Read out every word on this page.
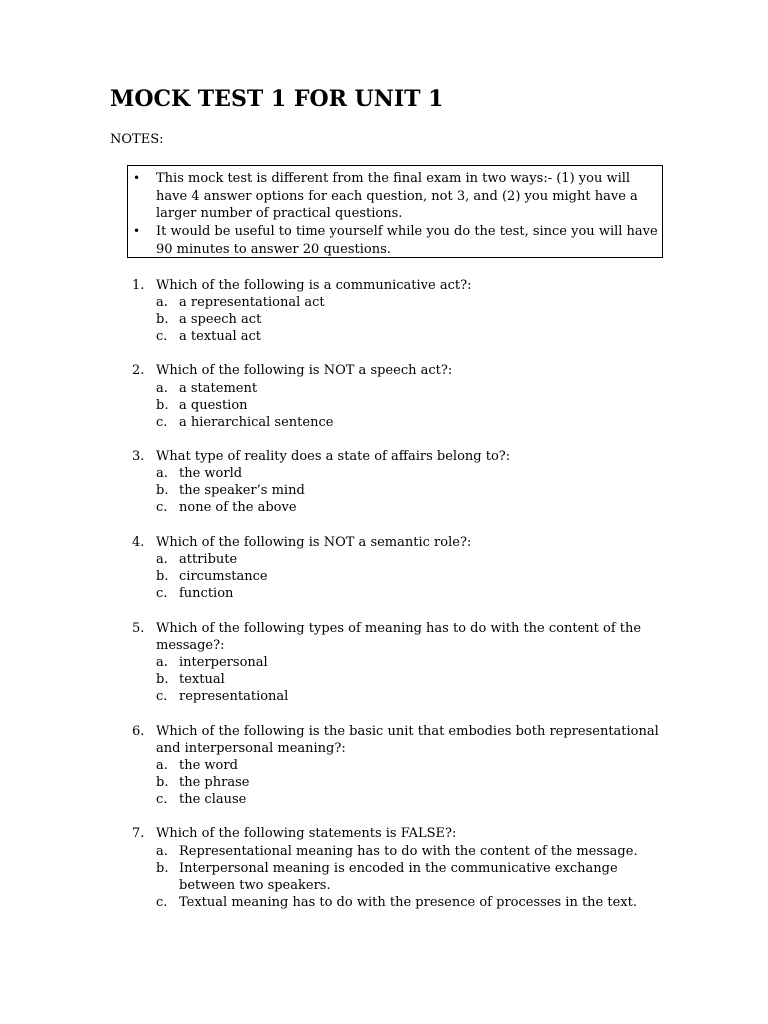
MOCK TEST 1 FOR UNIT 1
NOTES:
• This mock test is different from the final exam in two ways:- (1) you will have 4 answer options for each question, not 3, and (2) you might have a larger number of practical questions.
• It would be useful to time yourself while you do the test, since you will have 90 minutes to answer 20 questions.
1. Which of the following is a communicative act?:
a. a representational act
b. a speech act
c. a textual act
2. Which of the following is NOT a speech act?:
a. a statement
b. a question
c. a hierarchical sentence
3. What type of reality does a state of affairs belong to?:
a. the world
b. the speaker’s mind
c. none of the above
4. Which of the following is NOT a semantic role?:
a. attribute
b. circumstance
c. function
5. Which of the following types of meaning has to do with the content of the message?:
a. interpersonal
b. textual
c. representational
6. Which of the following is the basic unit that embodies both representational and interpersonal meaning?:
a. the word
b. the phrase
c. the clause
7. Which of the following statements is FALSE?:
a. Representational meaning has to do with the content of the message.
b. Interpersonal meaning is encoded in the communicative exchange between two speakers.
c. Textual meaning has to do with the presence of processes in the text.
